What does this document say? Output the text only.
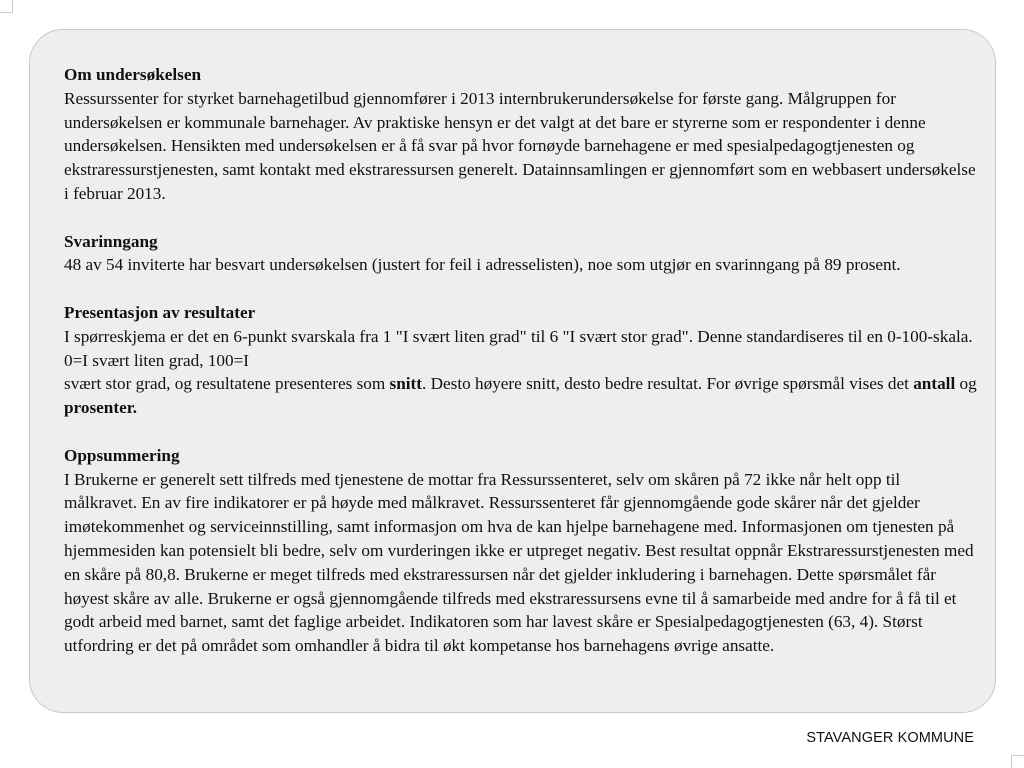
Om undersøkelsen
Ressurssenter for styrket barnehagetilbud gjennomfører i 2013 internbrukerundersøkelse for første gang. Målgruppen for undersøkelsen er kommunale barnehager. Av praktiske hensyn er det valgt at det bare er styrerne som er respondenter i denne undersøkelsen. Hensikten med undersøkelsen er å få svar på hvor fornøyde barnehagene er med spesialpedagogtjenesten og ekstraressurstjenesten, samt kontakt med ekstraressursen generelt. Datainnsamlingen er gjennomført som en webbasert undersøkelse i februar 2013.
Svarinngang
48 av 54 inviterte har besvart undersøkelsen (justert for feil i adresselisten), noe som utgjør en svarinngang på 89 prosent.
Presentasjon av resultater
I spørreskjema er det en 6-punkt svarskala fra 1 "I svært liten grad" til 6 "I svært stor grad". Denne standardiseres til en 0-100-skala. 0=I svært liten grad, 100=I
svært stor grad, og resultatene presenteres som snitt. Desto høyere snitt, desto bedre resultat. For øvrige spørsmål vises det antall og prosenter.
Oppsummering
I Brukerne er generelt sett tilfreds med tjenestene de mottar fra Ressurssenteret, selv om skåren på 72 ikke når helt opp til målkravet. En av fire indikatorer er på høyde med målkravet. Ressurssenteret får gjennomgående gode skårer når det gjelder imøtekommenhet og serviceinnstilling, samt informasjon om hva de kan hjelpe barnehagene med. Informasjonen om tjenesten på hjemmesiden kan potensielt bli bedre, selv om vurderingen ikke er utpreget negativ. Best resultat oppnår Ekstraressurstjenesten med en skåre på 80,8. Brukerne er meget tilfreds med ekstraressursen når det gjelder inkludering i barnehagen. Dette spørsmålet får høyest skåre av alle. Brukerne er også gjennomgående tilfreds med ekstraressursens evne til å samarbeide med andre for å få til et godt arbeid med barnet, samt det faglige arbeidet. Indikatoren som har lavest skåre er Spesialpedagogtjenesten (63, 4). Størst utfordring er det på området som omhandler å bidra til økt kompetanse hos barnehagens øvrige ansatte.
STAVANGER KOMMUNE
